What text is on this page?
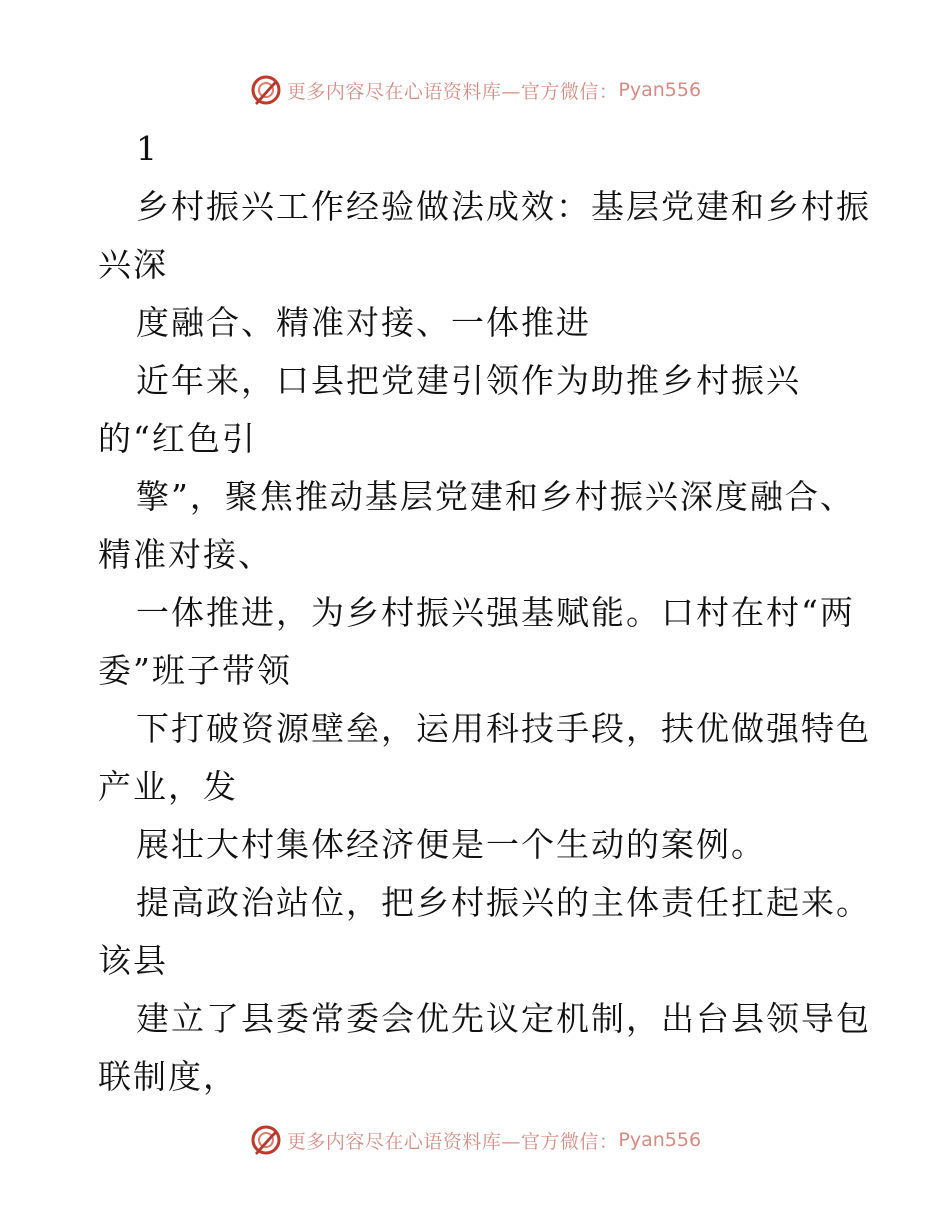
更多内容尽在心语资料库—官方微信： Pyan556
1
乡村振兴工作经验做法成效：基层党建和乡村振
兴深
度融合、精准对接、一体推进
近年来，口县把党建引领作为助推乡村振兴
的“红色引
擎”，聚焦推动基层党建和乡村振兴深度融合、
精准对接、
一体推进，为乡村振兴强基赋能。口村在村“两
委”班子带领
下打破资源壁垒，运用科技手段，扶优做强特色
产业，发
展壮大村集体经济便是一个生动的案例。
提高政治站位，把乡村振兴的主体责任扛起来。
该县
建立了县委常委会优先议定机制，出台县领导包
联制度，
更多内容尽在心语资料库—官方微信： Pyan556
